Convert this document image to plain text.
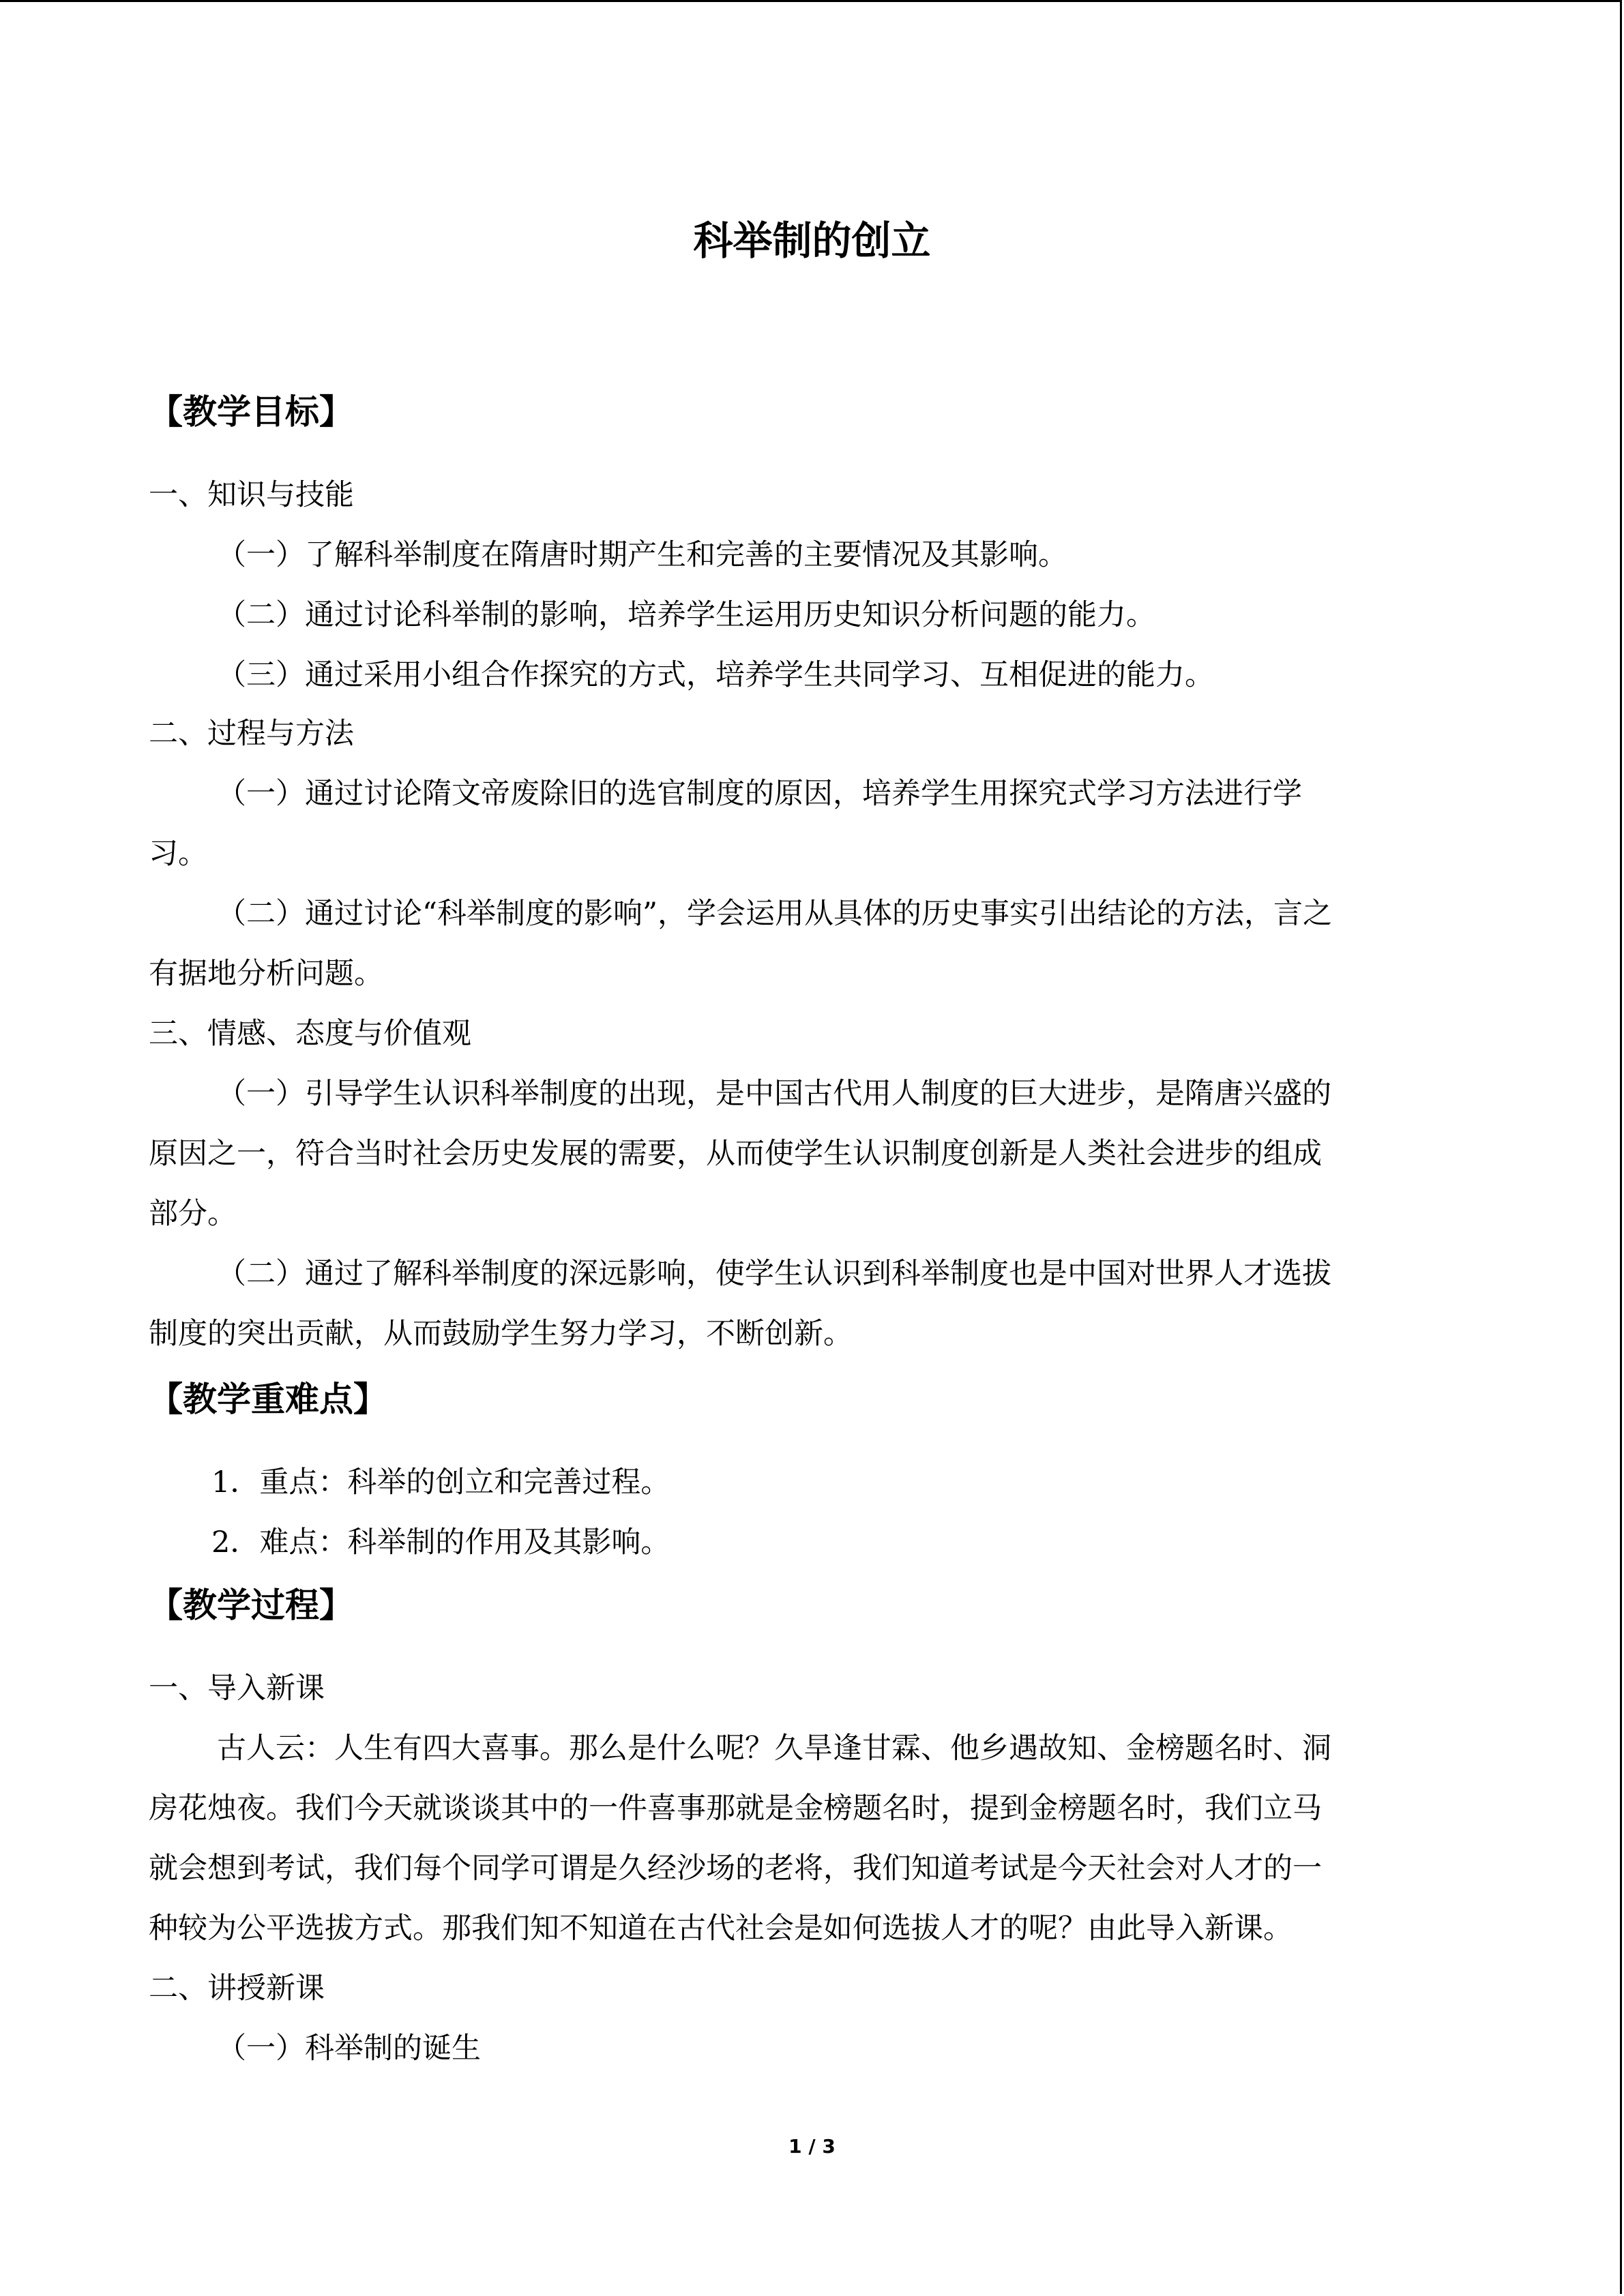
科举制的创立
【教学目标】
一、知识与技能
（一）了解科举制度在隋唐时期产生和完善的主要情况及其影响。
（二）通过讨论科举制的影响，培养学生运用历史知识分析问题的能力。
（三）通过采用小组合作探究的方式，培养学生共同学习、互相促进的能力。
二、过程与方法
（一）通过讨论隋文帝废除旧的选官制度的原因，培养学生用探究式学习方法进行学
习。
（二）通过讨论“科举制度的影响”，学会运用从具体的历史事实引出结论的方法，言之
有据地分析问题。
三、情感、态度与价值观
（一）引导学生认识科举制度的出现，是中国古代用人制度的巨大进步，是隋唐兴盛的
原因之一，符合当时社会历史发展的需要，从而使学生认识制度创新是人类社会进步的组成
部分。
（二）通过了解科举制度的深远影响，使学生认识到科举制度也是中国对世界人才选拔
制度的突出贡献，从而鼓励学生努力学习，不断创新。
【教学重难点】
1．重点：科举的创立和完善过程。
2．难点：科举制的作用及其影响。
【教学过程】
一、导入新课
古人云：人生有四大喜事。那么是什么呢？久旱逢甘霖、他乡遇故知、金榜题名时、洞
房花烛夜。我们今天就谈谈其中的一件喜事那就是金榜题名时，提到金榜题名时，我们立马
就会想到考试，我们每个同学可谓是久经沙场的老将，我们知道考试是今天社会对人才的一
种较为公平选拔方式。那我们知不知道在古代社会是如何选拔人才的呢？由此导入新课。
二、讲授新课
（一）科举制的诞生
1 / 3
